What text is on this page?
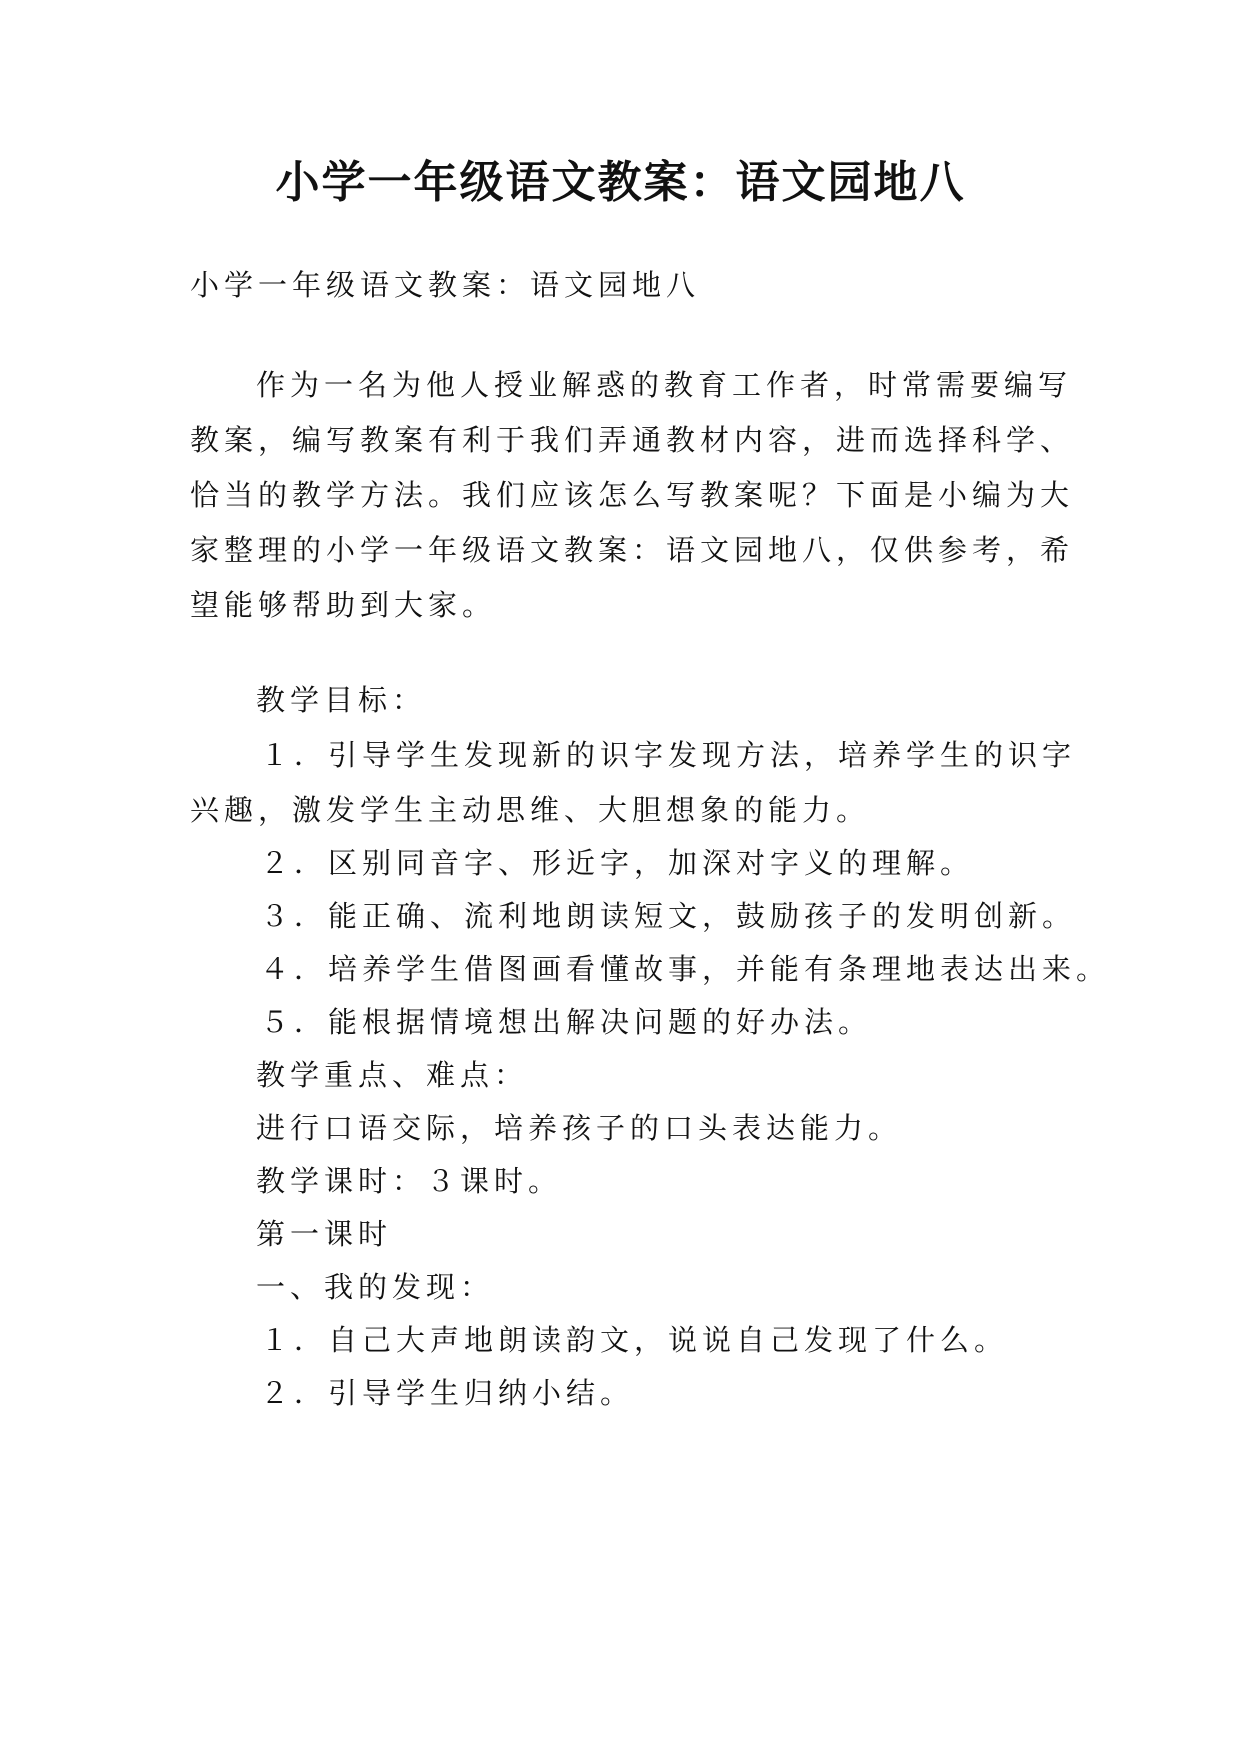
小学一年级语文教案：语文园地八

小学一年级语文教案：语文园地八

作为一名为他人授业解惑的教育工作者，时常需要编写

教案，编写教案有利于我们弄通教材内容，进而选择科学、

恰当的教学方法。我们应该怎么写教案呢？下面是小编为大

家整理的小学一年级语文教案：语文园地八，仅供参考，希

望能够帮助到大家。

教学目标：

１．引导学生发现新的识字发现方法，培养学生的识字

兴趣，激发学生主动思维、大胆想象的能力。

２．区别同音字、形近字，加深对字义的理解。

３．能正确、流利地朗读短文，鼓励孩子的发明创新。

４．培养学生借图画看懂故事，并能有条理地表达出来。

５．能根据情境想出解决问题的好办法。

教学重点、难点：

进行口语交际，培养孩子的口头表达能力。

教学课时：３课时。

第一课时

一、我的发现：

１．自己大声地朗读韵文，说说自己发现了什么。

２．引导学生归纳小结。
